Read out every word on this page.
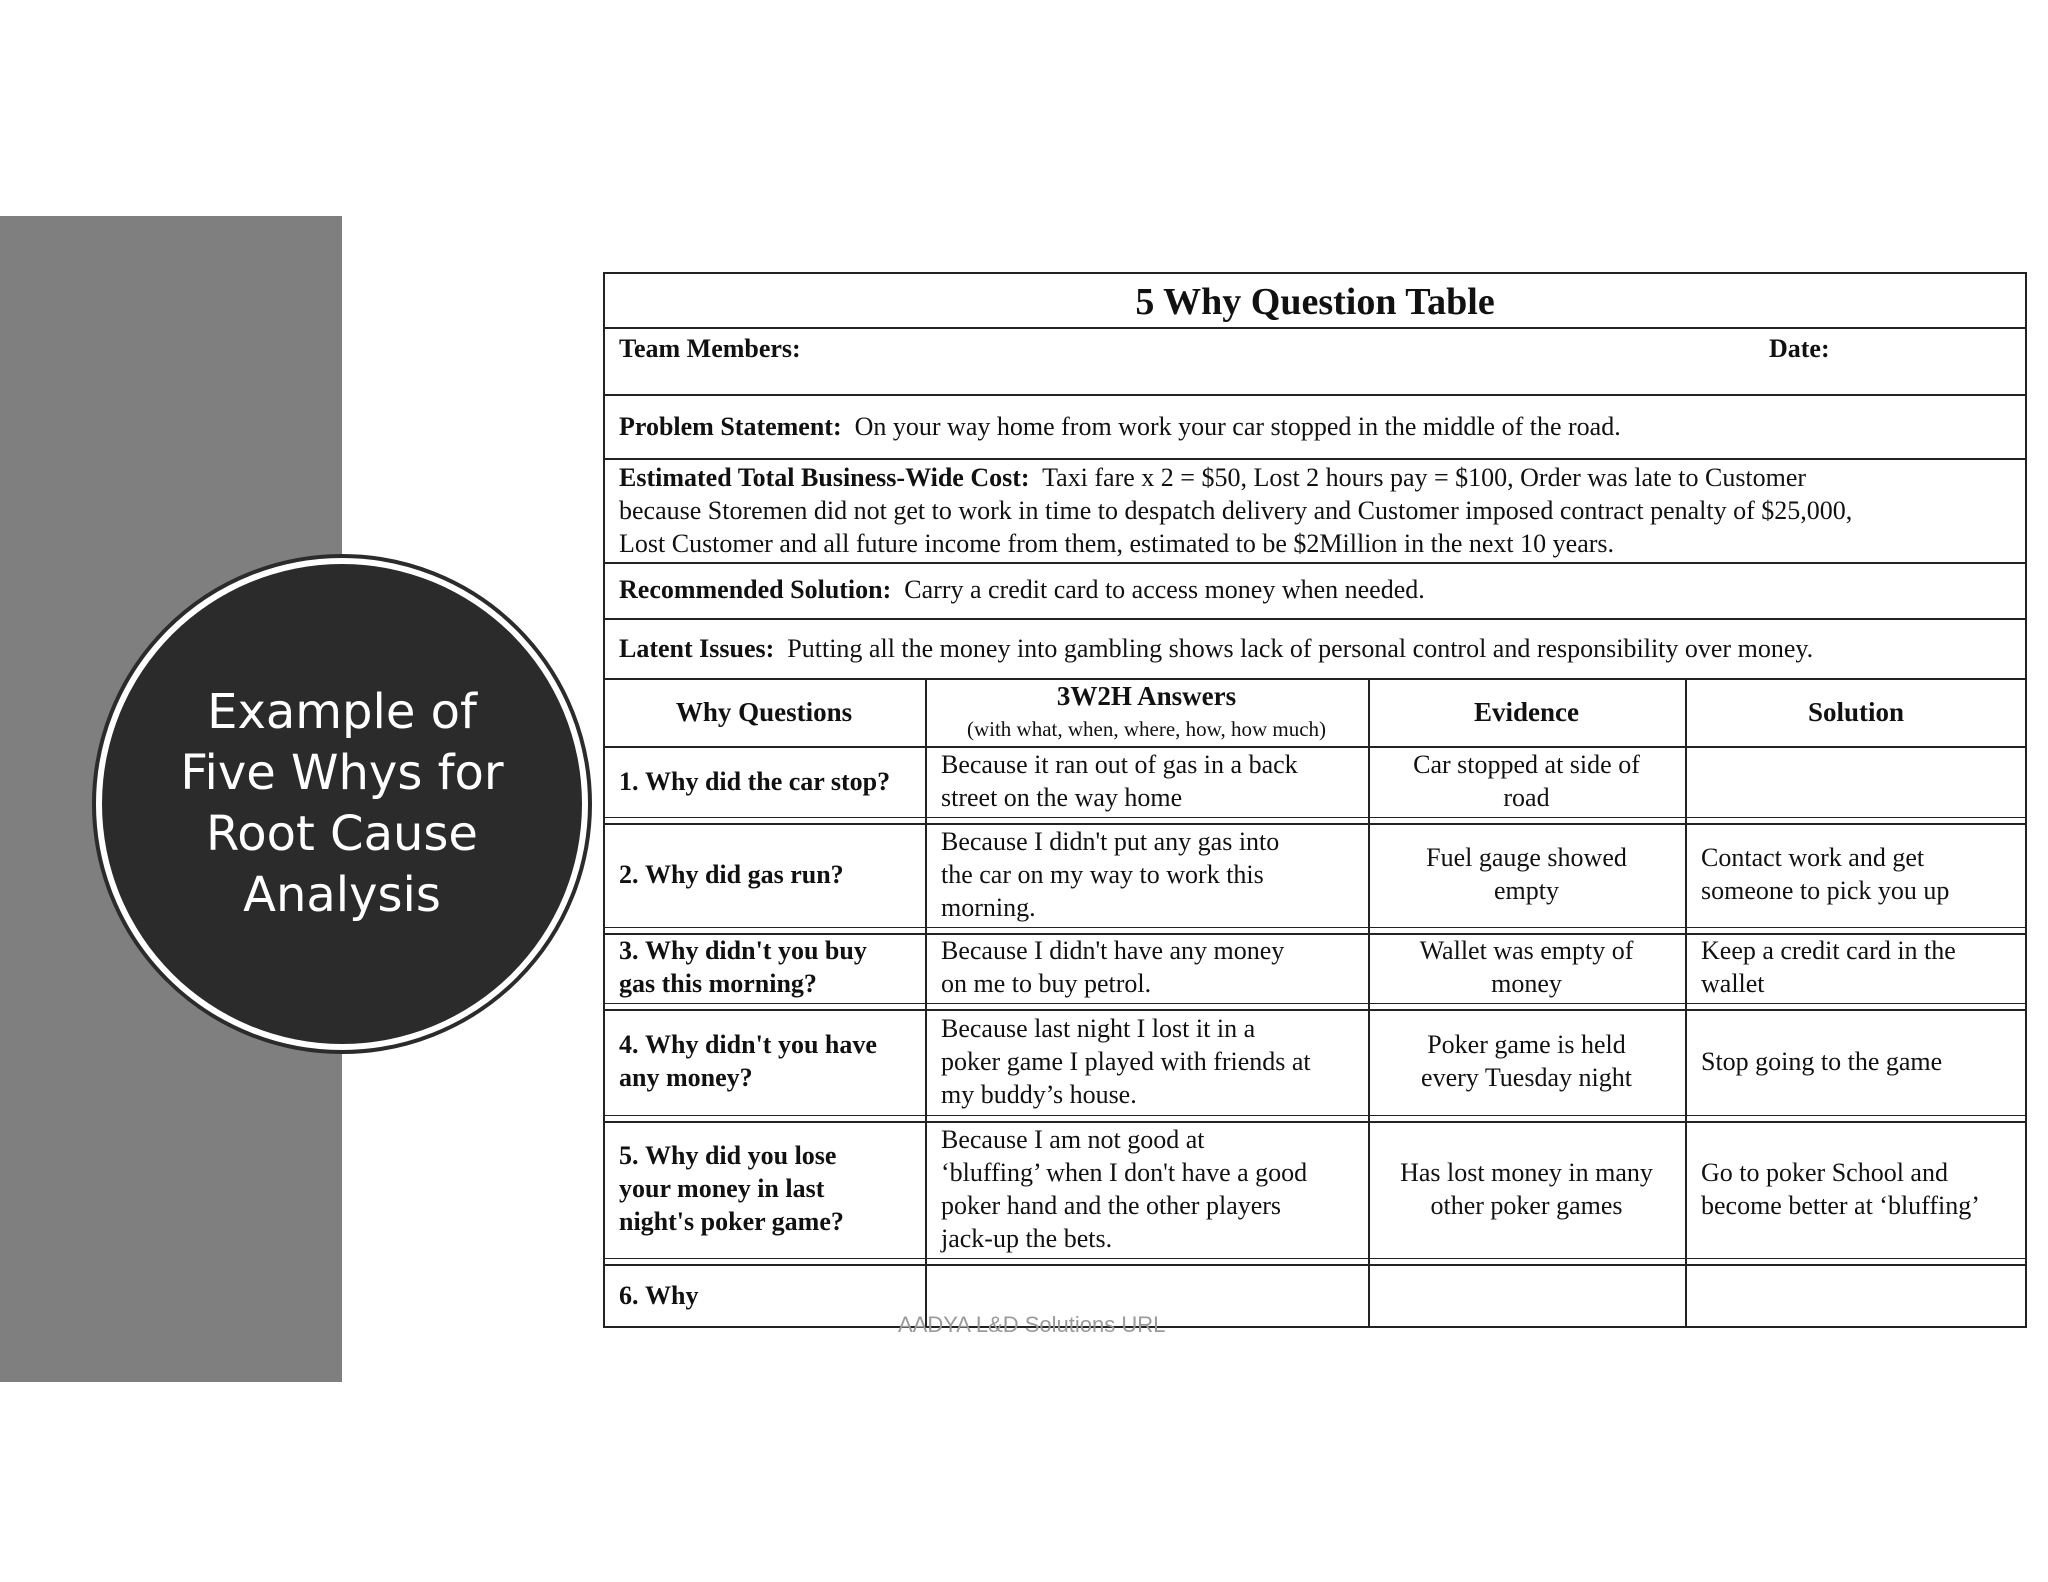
Example of
Five Whys for
Root Cause
Analysis
5 Why Question Table
Team Members:	Date:
Problem Statement: On your way home from work your car stopped in the middle of the road.
Estimated Total Business-Wide Cost: Taxi fare x 2 = $50, Lost 2 hours pay = $100, Order was late to Customer
because Storemen did not get to work in time to despatch delivery and Customer imposed contract penalty of $25,000,
Lost Customer and all future income from them, estimated to be $2Million in the next 10 years.
Recommended Solution: Carry a credit card to access money when needed.
Latent Issues: Putting all the money into gambling shows lack of personal control and responsibility over money.
Why Questions
3W2H Answers
(with what, when, where, how, how much)
Evidence	Solution
1. Why did the car stop?
Because it ran out of gas in a back
street on the way home
Car stopped at side of
road
2. Why did gas run?
Because I didn't put any gas into
the car on my way to work this
morning.
Fuel gauge showed
empty
Contact work and get
someone to pick you up
3. Why didn't you buy
gas this morning?
Because I didn't have any money
on me to buy petrol.
Wallet was empty of
money
Keep a credit card in the
wallet
4. Why didn't you have
any money?
Because last night I lost it in a
poker game I played with friends at
my buddy’s house.
Poker game is held
every Tuesday night
Stop going to the game
5. Why did you lose
your money in last
night's poker game?
Because I am not good at
‘bluffing’ when I don't have a good
poker hand and the other players
jack-up the bets.
Has lost money in many
other poker games
Go to poker School and
become better at ‘bluffing’
6. Why
AADYA L&D Solutions URL
